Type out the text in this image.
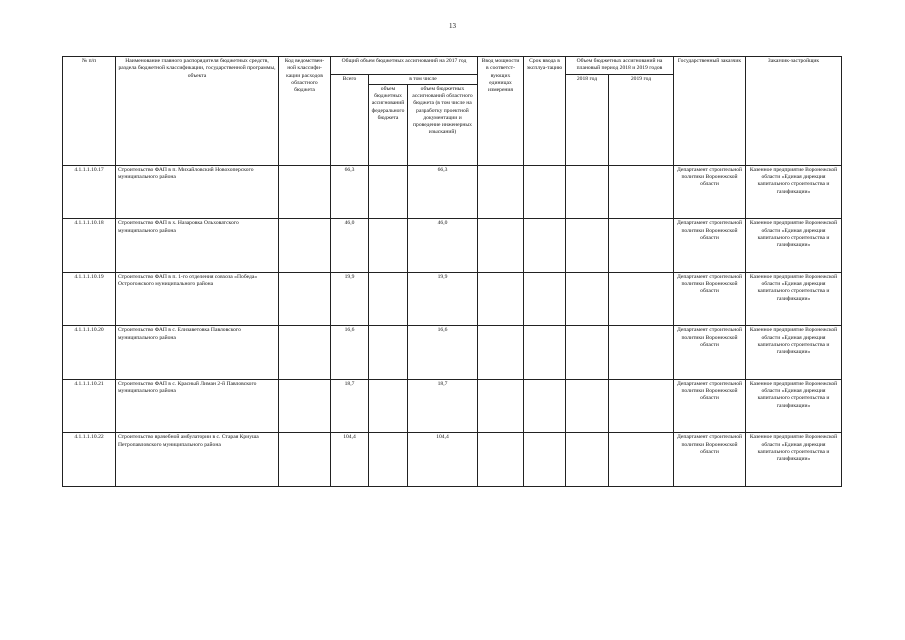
13
№ п/п	Наименование главного распорядителя бюджетных средств, раздела бюджетной классификации, государственной программы, объекта	Код ведомствен-ной классифи-кации расходов областного бюджета	Общий объем бюджетных ассигнований на 2017 год			Ввод мощности в соответст-вующих единицах измерения	Срок ввода в эксплуа-тацию	Объем бюджетных ассигнований на плановый период 2018 и 2019 годов		Государственный заказчик	Заказчик-застройщик
			Всего	в том числе				2018 год	2019 год		
				объем бюджетных ассигнований федерального бюджета	объем бюджетных ассигнований областного бюджета (в том числе на разработку проектной документации и проведение инженерных изысканий)						
4.1.1.1.10.17	Строительство ФАП в п. Михайловский Новохоперского муниципального района		66,3		66,3					Департамент строительной политики Воронежской области	Казенное предприятие Воронежской области «Единая дирекция капитального строительства и газификации»
4.1.1.1.10.18	Строительство ФАП в х. Назаровка Ольховатского муниципального района		46,0		46,0					Департамент строительной политики Воронежской области	Казенное предприятие Воронежской области «Единая дирекция капитального строительства и газификации»
4.1.1.1.10.19	Строительство ФАП в п. 1-го отделения совхоза «Победа» Острогожского муниципального района		19,9		19,9					Департамент строительной политики Воронежской области	Казенное предприятие Воронежской области «Единая дирекция капитального строительства и газификации»
4.1.1.1.10.20	Строительство ФАП в с. Елизаветовка Павловского муниципального района		16,6		16,6					Департамент строительной политики Воронежской области	Казенное предприятие Воронежской области «Единая дирекция капитального строительства и газификации»
4.1.1.1.10.21	Строительство ФАП в с. Красный Лиман 2-й Павловского муниципального района		18,7		18,7					Департамент строительной политики Воронежской области	Казенное предприятие Воронежской области «Единая дирекция капитального строительства и газификации»
4.1.1.1.10.22	Строительство врачебной амбулатории в с. Старая Криуша Петропавловского муниципального района		104,4		104,4					Департамент строительной политики Воронежской области	Казенное предприятие Воронежской области «Единая дирекция капитального строительства и газификации»
